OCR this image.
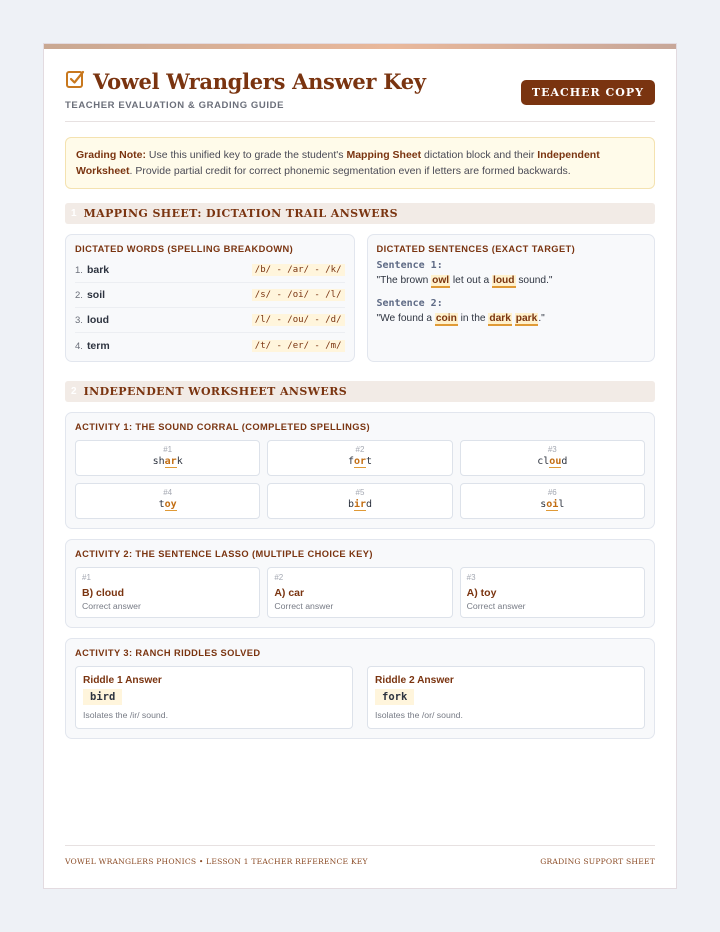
Vowel Wranglers Answer Key
TEACHER EVALUATION & GRADING GUIDE
TEACHER COPY
Grading Note: Use this unified key to grade the student's Mapping Sheet dictation block and their Independent Worksheet. Provide partial credit for correct phonemic segmentation even if letters are formed backwards.
1 MAPPING SHEET: DICTATION TRAIL ANSWERS
DICTATED WORDS (SPELLING BREAKDOWN)
1. bark	/b/ - /ar/ - /k/
2. soil	/s/ - /oi/ - /l/
3. loud	/l/ - /ou/ - /d/
4. term	/t/ - /er/ - /m/
DICTATED SENTENCES (EXACT TARGET)
Sentence 1:
"The brown owl let out a loud sound."
Sentence 2:
"We found a coin in the dark park."
2 INDEPENDENT WORKSHEET ANSWERS
ACTIVITY 1: THE SOUND CORRAL (COMPLETED SPELLINGS)
#1
shark
#2
fort
#3
cloud
#4
toy
#5
bird
#6
soil
ACTIVITY 2: THE SENTENCE LASSO (MULTIPLE CHOICE KEY)
#1
B) cloud
Correct answer
#2
A) car
Correct answer
#3
A) toy
Correct answer
ACTIVITY 3: RANCH RIDDLES SOLVED
Riddle 1 Answer
bird
Isolates the /ir/ sound.
Riddle 2 Answer
fork
Isolates the /or/ sound.
VOWEL WRANGLERS PHONICS • LESSON 1 TEACHER REFERENCE KEY	GRADING SUPPORT SHEET
